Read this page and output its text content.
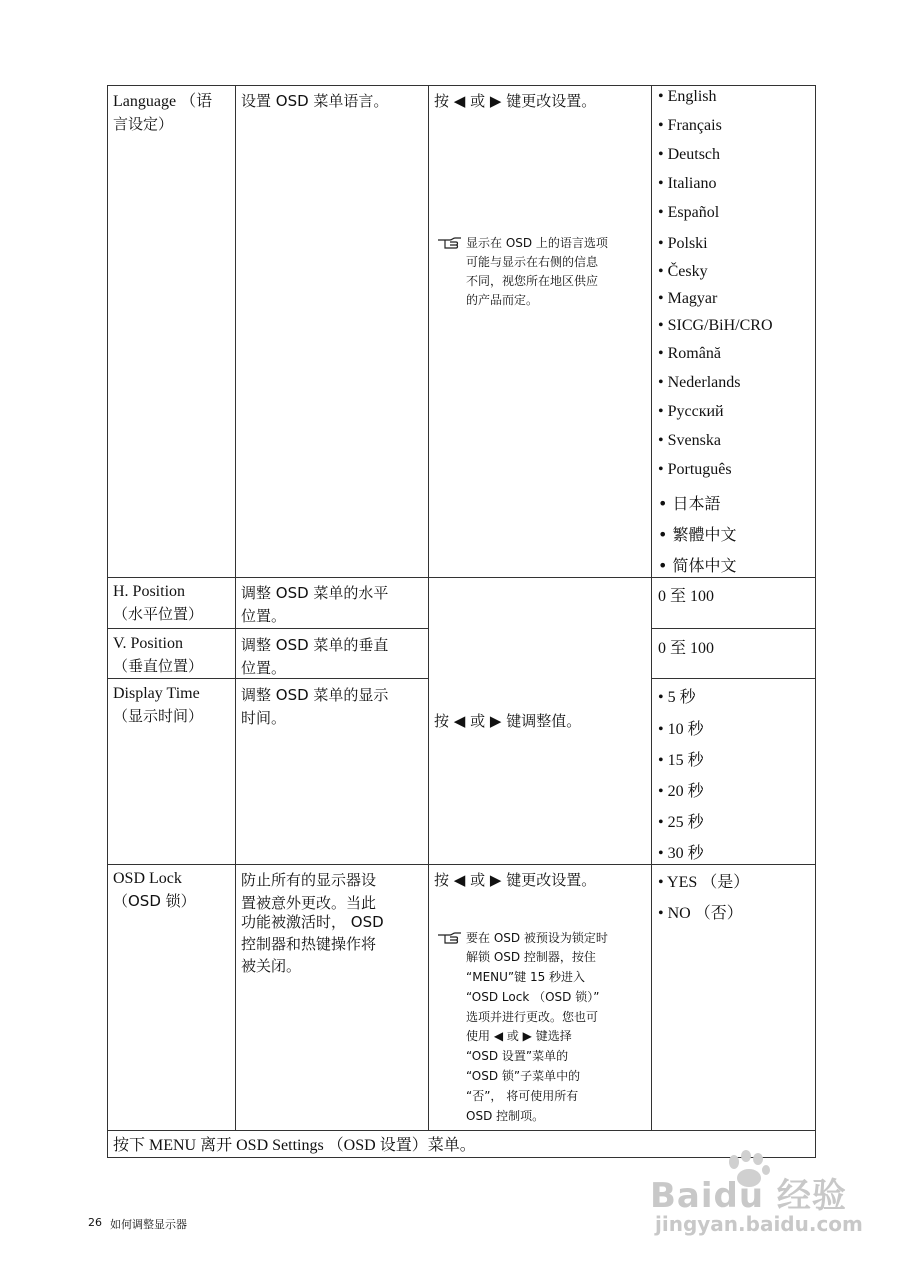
Language （语
言设定）
设置 OSD 菜单语言。	按 ◀ 或 ▶ 键更改设置。
显示在 OSD 上的语言选项
可能与显示在右侧的信息
不同，视您所在地区供应
的产品而定。
• English
• Français
• Deutsch
• Italiano
• Español
• Polski
• Česky
• Magyar
• SICG/BiH/CRO
• Română
• Nederlands
• Русский
• Svenska
• Português
• 日本語
• 繁體中文
• 简体中文
H. Position
（水平位置）
调整 OSD 菜单的水平
位置。
0 至 100
V. Position
（垂直位置）
调整 OSD 菜单的垂直
位置。
0 至 100
按 ◀ 或 ▶ 键调整值。
Display Time
（显示时间）
调整 OSD 菜单的显示
时间。
• 5 秒
• 10 秒
• 15 秒
• 20 秒
• 25 秒
• 30 秒
OSD Lock
（OSD 锁）
防止所有的显示器设
置被意外更改。当此
功能被激活时， OSD
控制器和热键操作将
被关闭。
按 ◀ 或 ▶ 键更改设置。
要在 OSD 被预设为锁定时
解锁 OSD 控制器，按住
“MENU”键 15 秒进入
“OSD Lock （OSD 锁）”
选项并进行更改。您也可
使用 ◀ 或 ▶ 键选择
“OSD 设置”菜单的
“OSD 锁”子菜单中的
“否”， 将可使用所有
OSD 控制项。
• YES （是）
• NO （否）
按下 MENU 离开 OSD Settings （OSD 设置）菜单。
26 如何调整显示器
Baidu 经验
jingyan.baidu.com
